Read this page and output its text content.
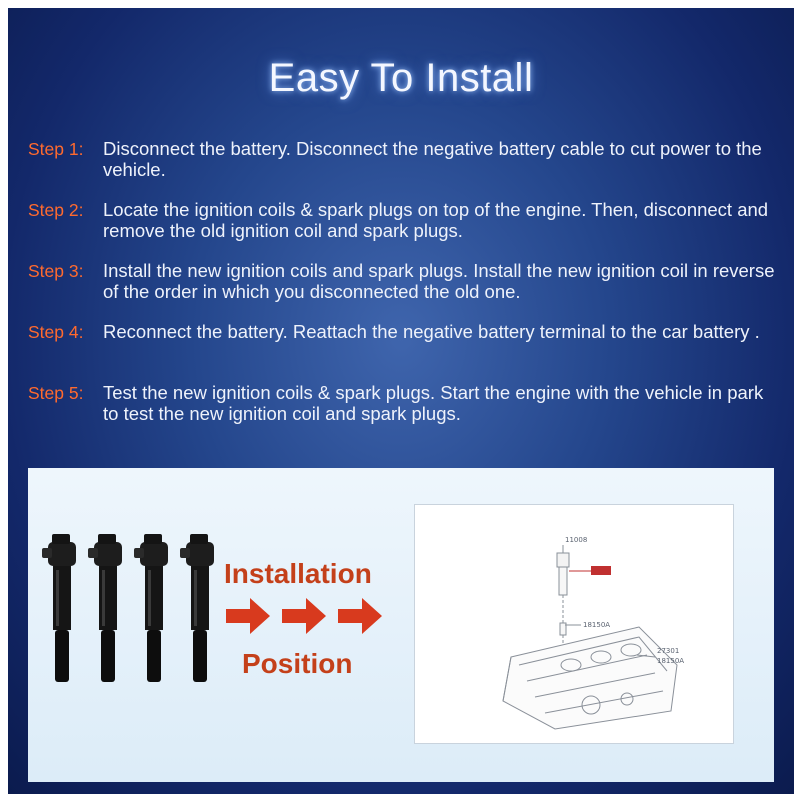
Easy To Install
Step 1: Disconnect the battery. Disconnect the negative battery cable to cut power to the vehicle.
Step 2: Locate the ignition coils & spark plugs on top of the engine. Then, disconnect and remove the old ignition coil and spark plugs.
Step 3: Install the new ignition coils and spark plugs. Install the new ignition coil in reverse of the order in which you disconnected the old one.
Step 4: Reconnect the battery. Reattach the negative battery terminal to the car battery .
Step 5: Test the new ignition coils & spark plugs. Start the engine with the vehicle in park to test the new ignition coil and spark plugs.
Installation
Position
11008
18150A
27301
18150A
